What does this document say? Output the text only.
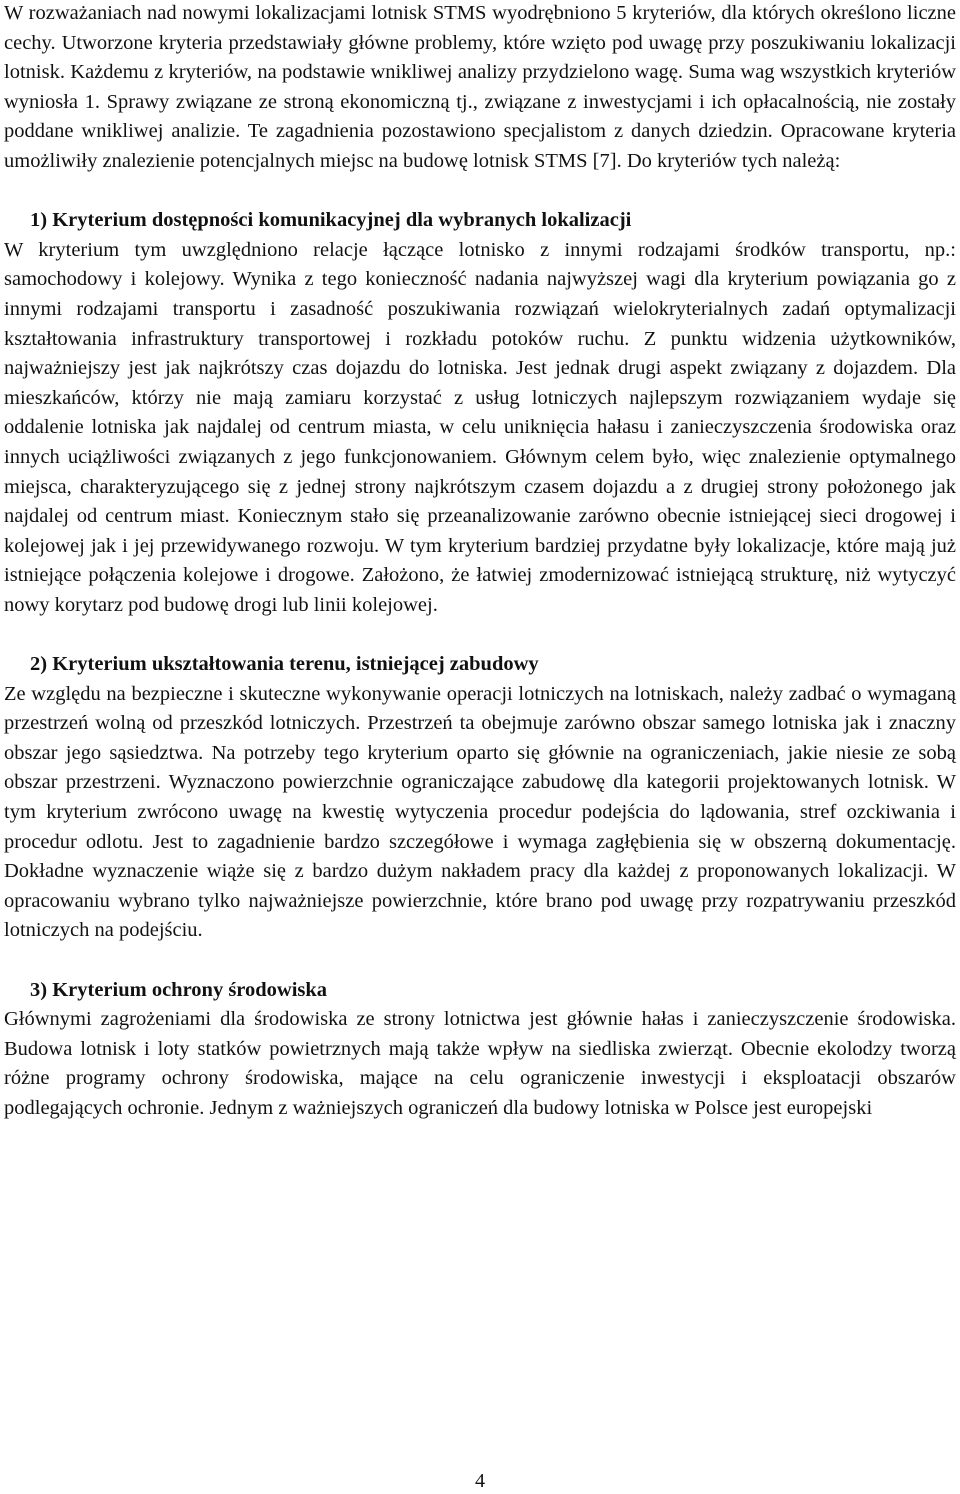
W rozważaniach nad nowymi lokalizacjami lotnisk STMS wyodrębniono 5 kryteriów, dla których określono liczne cechy. Utworzone kryteria przedstawiały główne problemy, które wzięto pod uwagę przy poszukiwaniu lokalizacji lotnisk. Każdemu z kryteriów, na podstawie wnikliwej analizy przydzielono wagę. Suma wag wszystkich kryteriów wyniosła 1. Sprawy związane ze stroną ekonomiczną tj., związane z inwestycjami i ich opłacalnością, nie zostały poddane wnikliwej analizie. Te zagadnienia pozostawiono specjalistom z danych dziedzin. Opracowane kryteria umożliwiły znalezienie potencjalnych miejsc na budowę lotnisk STMS [7]. Do kryteriów tych należą:

1) Kryterium dostępności komunikacyjnej dla wybranych lokalizacji

W kryterium tym uwzględniono relacje łączące lotnisko z innymi rodzajami środków transportu, np.: samochodowy i kolejowy. Wynika z tego konieczność nadania najwyższej wagi dla kryterium powiązania go z innymi rodzajami transportu i zasadność poszukiwania rozwiązań wielokryterialnych zadań optymalizacji kształtowania infrastruktury transportowej i rozkładu potoków ruchu. Z punktu widzenia użytkowników, najważniejszy jest jak najkrótszy czas dojazdu do lotniska. Jest jednak drugi aspekt związany z dojazdem. Dla mieszkańców, którzy nie mają zamiaru korzystać z usług lotniczych najlepszym rozwiązaniem wydaje się oddalenie lotniska jak najdalej od centrum miasta, w celu uniknięcia hałasu i zanieczyszczenia środowiska oraz innych uciążliwości związanych z jego funkcjonowaniem. Głównym celem było, więc znalezienie optymalnego miejsca, charakteryzującego się z jednej strony najkrótszym czasem dojazdu a z drugiej strony położonego jak najdalej od centrum miast. Koniecznym stało się przeanalizowanie zarówno obecnie istniejącej sieci drogowej i kolejowej jak i jej przewidywanego rozwoju. W tym kryterium bardziej przydatne były lokalizacje, które mają już istniejące połączenia kolejowe i drogowe. Założono, że łatwiej zmodernizować istniejącą strukturę, niż wytyczyć nowy korytarz pod budowę drogi lub linii kolejowej.

2) Kryterium ukształtowania terenu, istniejącej zabudowy

Ze względu na bezpieczne i skuteczne wykonywanie operacji lotniczych na lotniskach, należy zadbać o wymaganą przestrzeń wolną od przeszkód lotniczych. Przestrzeń ta obejmuje zarówno obszar samego lotniska jak i znaczny obszar jego sąsiedztwa. Na potrzeby tego kryterium oparto się głównie na ograniczeniach, jakie niesie ze sobą obszar przestrzeni. Wyznaczono powierzchnie ograniczające zabudowę dla kategorii projektowanych lotnisk. W tym kryterium zwrócono uwagę na kwestię wytyczenia procedur podejścia do lądowania, stref ozckiwania i procedur odlotu. Jest to zagadnienie bardzo szczegółowe i wymaga zagłębienia się w obszerną dokumentację. Dokładne wyznaczenie wiąże się z bardzo dużym nakładem pracy dla każdej z proponowanych lokalizacji. W opracowaniu wybrano tylko najważniejsze powierzchnie, które brano pod uwagę przy rozpatrywaniu przeszkód lotniczych na podejściu.

3) Kryterium ochrony środowiska

Głównymi zagrożeniami dla środowiska ze strony lotnictwa jest głównie hałas i zanieczyszczenie środowiska. Budowa lotnisk i loty statków powietrznych mają także wpływ na siedliska zwierząt. Obecnie ekolodzy tworzą różne programy ochrony środowiska, mające na celu ograniczenie inwestycji i eksploatacji obszarów podlegających ochronie. Jednym z ważniejszych ograniczeń dla budowy lotniska w Polsce jest europejski

4
